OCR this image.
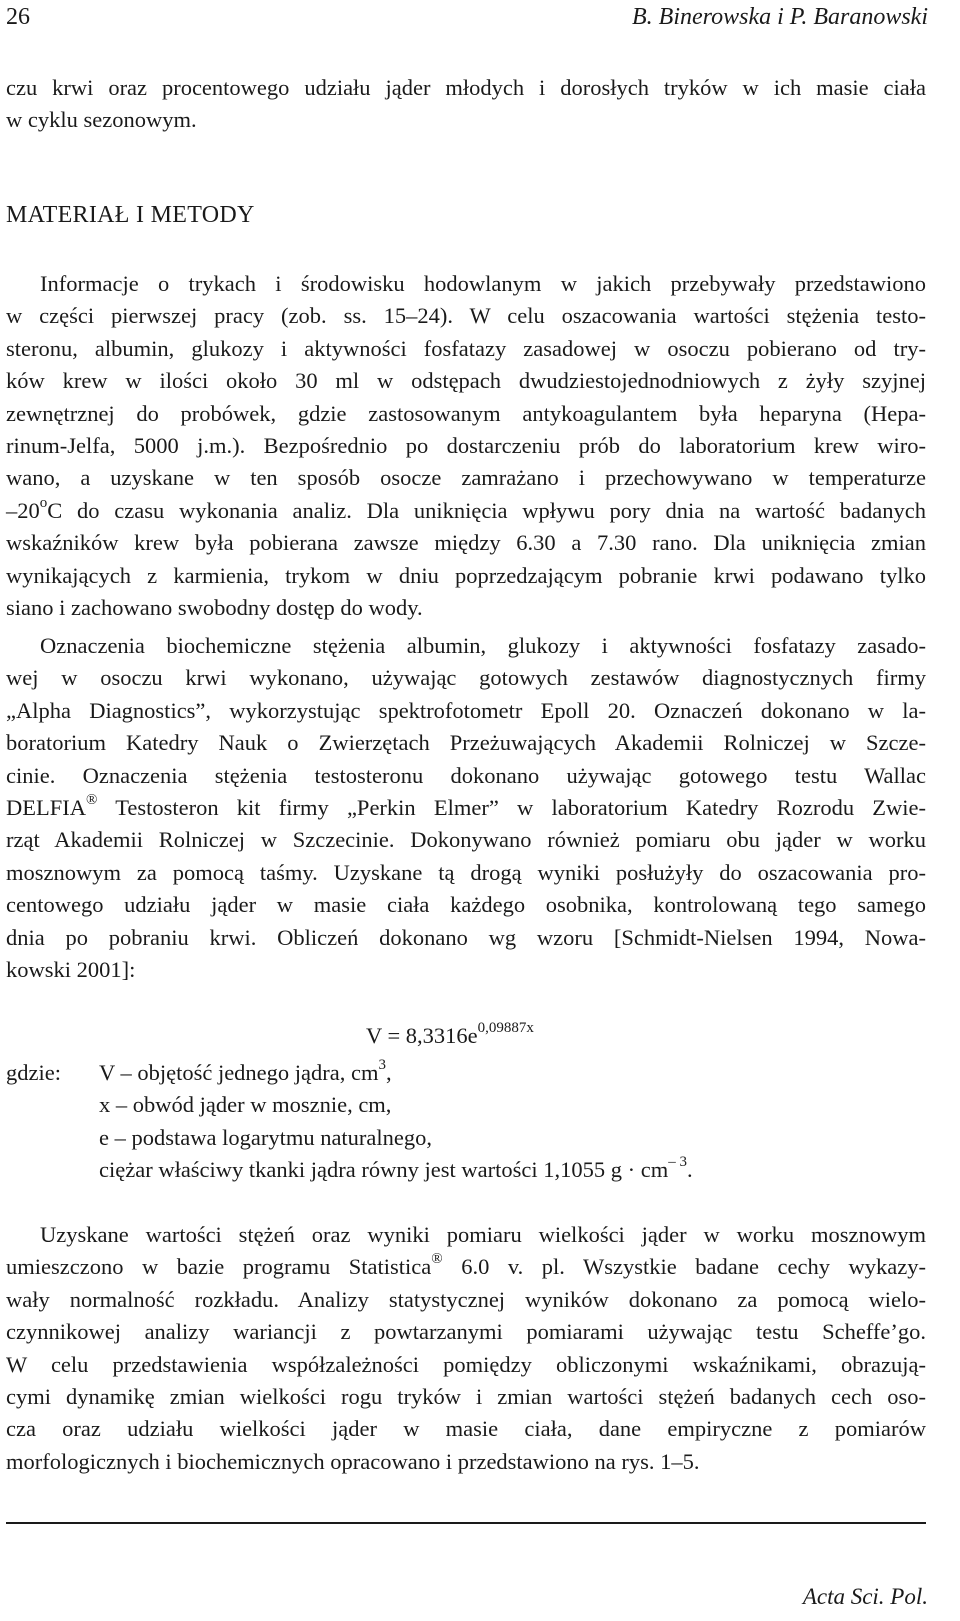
26	B. Binerowska i P. Baranowski
czu krwi oraz procentowego udziału jąder młodych i dorosłych tryków w ich masie ciała
w cyklu sezonowym.
MATERIAŁ I METODY
Informacje o trykach i środowisku hodowlanym w jakich przebywały przedstawiono
w części pierwszej pracy (zob. ss. 15–24). W celu oszacowania wartości stężenia testo-
steronu, albumin, glukozy i aktywności fosfatazy zasadowej w osoczu pobierano od try-
ków krew w ilości około 30 ml w odstępach dwudziestojednodniowych z żyły szyjnej
zewnętrznej do probówek, gdzie zastosowanym antykoagulantem była heparyna (Hepa-
rinum-Jelfa, 5000 j.m.). Bezpośrednio po dostarczeniu prób do laboratorium krew wiro-
wano, a uzyskane w ten sposób osocze zamrażano i przechowywano w temperaturze
–20$^o$C do czasu wykonania analiz. Dla uniknięcia wpływu pory dnia na wartość badanych
wskaźników krew była pobierana zawsze między 6.30 a 7.30 rano. Dla uniknięcia zmian
wynikających z karmienia, trykom w dniu poprzedzającym pobranie krwi podawano tylko
siano i zachowano swobodny dostęp do wody.
Oznaczenia biochemiczne stężenia albumin, glukozy i aktywności fosfatazy zasado-
wej w osoczu krwi wykonano, używając gotowych zestawów diagnostycznych firmy
„Alpha Diagnostics”, wykorzystując spektrofotometr Epoll 20. Oznaczeń dokonano w la-
boratorium Katedry Nauk o Zwierzętach Przeżuwających Akademii Rolniczej w Szcze-
cinie. Oznaczenia stężenia testosteronu dokonano używając gotowego testu Wallac
DELFIA® Testosteron kit firmy „Perkin Elmer” w laboratorium Katedry Rozrodu Zwie-
rząt Akademii Rolniczej w Szczecinie. Dokonywano również pomiaru obu jąder w worku
mosznowym za pomocą taśmy. Uzyskane tą drogą wyniki posłużyły do oszacowania pro-
centowego udziału jąder w masie ciała każdego osobnika, kontrolowaną tego samego
dnia po pobraniu krwi. Obliczeń dokonano wg wzoru [Schmidt-Nielsen 1994, Nowa-
kowski 2001]:
$V = 8,3316e^{0,09887x}$
gdzie: V – objętość jednego jądra, $cm^3$,
x – obwód jąder w mosznie, cm,
e – podstawa logarytmu naturalnego,
ciężar właściwy tkanki jądra równy jest wartości 1,1055 $g \cdot cm^{- 3}$.
Uzyskane wartości stężeń oraz wyniki pomiaru wielkości jąder w worku mosznowym
umieszczono w bazie programu Statistica® 6.0 v. pl. Wszystkie badane cechy wykazy-
wały normalność rozkładu. Analizy statystycznej wyników dokonano za pomocą wielo-
czynnikowej analizy wariancji z powtarzanymi pomiarami używając testu Scheffe’go.
W celu przedstawienia współzależności pomiędzy obliczonymi wskaźnikami, obrazują-
cymi dynamikę zmian wielkości rogu tryków i zmian wartości stężeń badanych cech oso-
cza oraz udziału wielkości jąder w masie ciała, dane empiryczne z pomiarów
morfologicznych i biochemicznych opracowano i przedstawiono na rys. 1–5.
Acta Sci. Pol.
